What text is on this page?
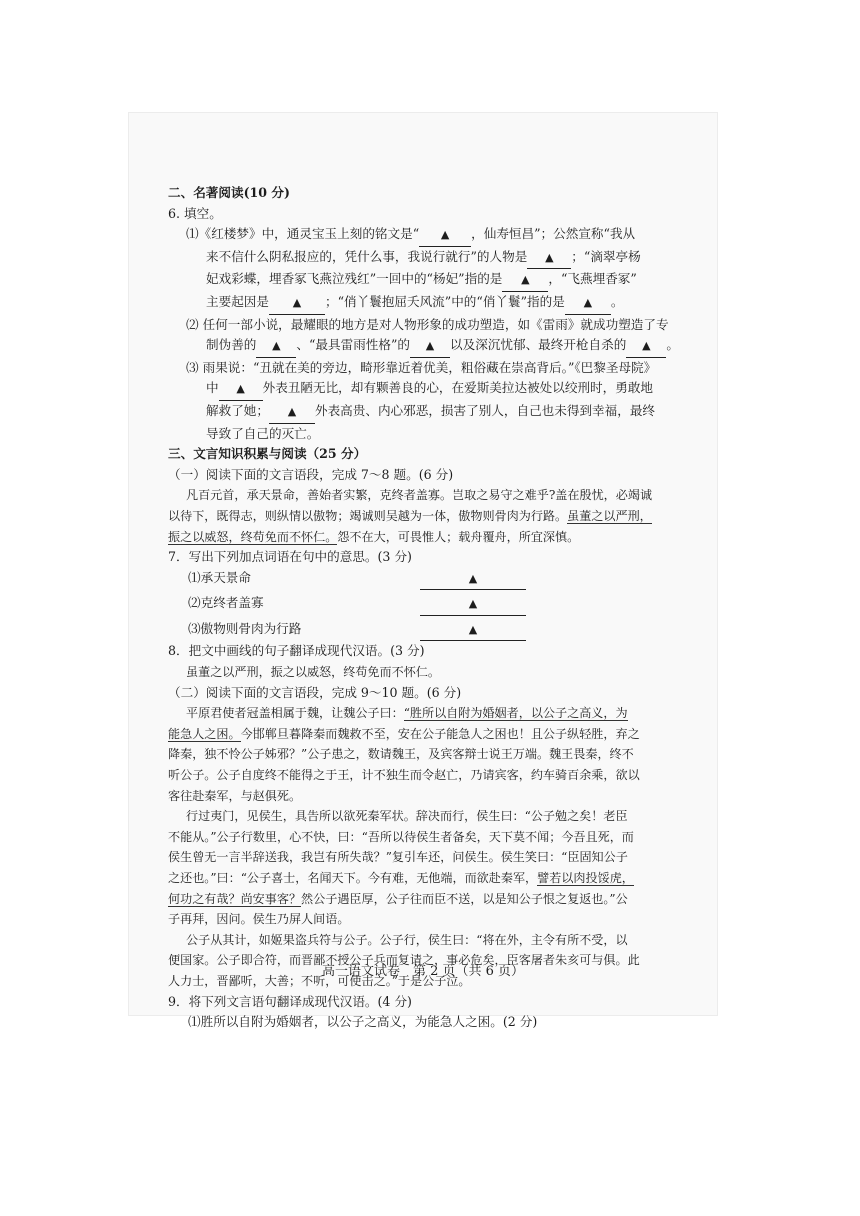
二、名著阅读(10 分)
6. 填空。
⑴《红楼梦》中，通灵宝玉上刻的铭文是“ ▲ ，仙寿恒昌”；公然宣称“我从
来不信什么阴私报应的，凭什么事，我说行就行”的人物是 ▲ ；“滴翠亭杨
妃戏彩蝶，埋香冢飞燕泣残红”一回中的“杨妃”指的是 ▲ ，“飞燕埋香冢”
主要起因是 ▲ ；“俏丫鬟抱屈夭风流”中的“俏丫鬟”指的是 ▲ 。
⑵ 任何一部小说，最耀眼的地方是对人物形象的成功塑造，如《雷雨》就成功塑造了专
制伪善的 ▲ 、“最具雷雨性格”的 ▲ 以及深沉忧郁、最终开枪自杀的 ▲ 。
⑶ 雨果说：“丑就在美的旁边，畸形靠近着优美，粗俗藏在崇高背后。”《巴黎圣母院》
中 ▲ 外表丑陋无比，却有颗善良的心，在爱斯美拉达被处以绞刑时，勇敢地
解救了她； ▲ 外表高贵、内心邪恶，损害了别人，自己也未得到幸福，最终
导致了自己的灭亡。
三、文言知识积累与阅读（25 分）
（一）阅读下面的文言语段，完成 7～8 题。(6 分)
凡百元首，承天景命，善始者实繁，克终者盖寡。岂取之易守之难乎?盖在殷忧，必竭诚
以待下，既得志，则纵情以傲物；竭诚则吴越为一体，傲物则骨肉为行路。虽董之以严刑，
振之以威怒，终苟免而不怀仁。怨不在大，可畏惟人；载舟覆舟，所宜深慎。
7．写出下列加点词语在句中的意思。(3 分)
⑴承天景命	▲
⑵克终者盖寡	▲
⑶傲物则骨肉为行路	▲
8．把文中画线的句子翻译成现代汉语。(3 分)
虽董之以严刑，振之以威怒，终苟免而不怀仁。
（二）阅读下面的文言语段，完成 9～10 题。(6 分)
平原君使者冠盖相属于魏，让魏公子曰：“胜所以自附为婚姻者，以公子之高义，为
能急人之困。今邯郸旦暮降秦而魏救不至，安在公子能急人之困也！且公子纵轻胜，弃之
降秦，独不怜公子姊邪？”公子患之，数请魏王，及宾客辩士说王万端。魏王畏秦，终不
听公子。公子自度终不能得之于王，计不独生而令赵亡，乃请宾客，约车骑百余乘，欲以
客往赴秦军，与赵俱死。
行过夷门，见侯生，具告所以欲死秦军状。辞决而行，侯生曰：“公子勉之矣！老臣
不能从。”公子行数里，心不快，曰：“吾所以待侯生者备矣，天下莫不闻；今吾且死，而
侯生曾无一言半辞送我，我岂有所失哉？”复引车还，问侯生。侯生笑曰：“臣固知公子
之还也。”曰：“公子喜士，名闻天下。今有难，无他端，而欲赴秦军，譬若以肉投馁虎，
何功之有哉？尚安事客？然公子遇臣厚，公子往而臣不送，以是知公子恨之复返也。”公
子再拜，因问。侯生乃屏人间语。
公子从其计，如姬果盗兵符与公子。公子行，侯生曰：“将在外，主令有所不受，以
便国家。公子即合符，而晋鄙不授公子兵而复请之，事必危矣，臣客屠者朱亥可与俱。此
人力士，晋鄙听，大善；不听，可使击之。”于是公子泣。
9．将下列文言语句翻译成现代汉语。(4 分)
⑴胜所以自附为婚姻者，以公子之高义，为能急人之困。(2 分)
高一语文试卷　第 2 页（共 6 页）
